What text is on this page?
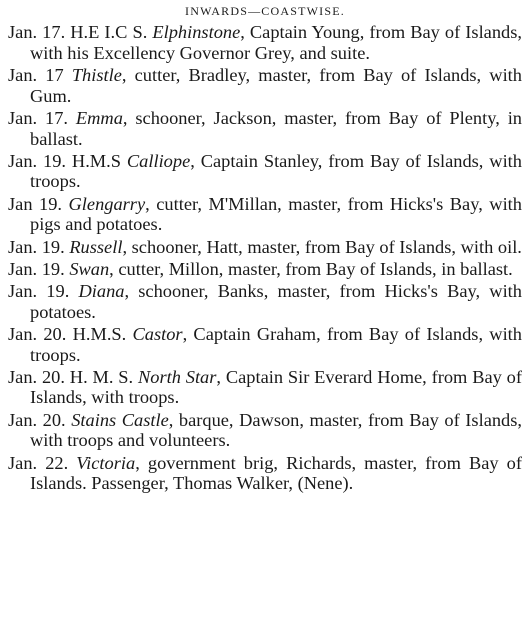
INWARDS—COASTWISE.
Jan. 17. H.E I.C S. Elphinstone, Captain Young, from Bay of Islands, with his Excellency Governor Grey, and suite.
Jan. 17 Thistle, cutter, Bradley, master, from Bay of Islands, with Gum.
Jan. 17. Emma, schooner, Jackson, master, from Bay of Plenty, in ballast.
Jan. 19. H.M.S Calliope, Captain Stanley, from Bay of Islands, with troops.
Jan 19. Glengarry, cutter, M'Millan, master, from Hicks's Bay, with pigs and potatoes.
Jan. 19. Russell, schooner, Hatt, master, from Bay of Islands, with oil.
Jan. 19. Swan, cutter, Millon, master, from Bay of Islands, in ballast.
Jan. 19. Diana, schooner, Banks, master, from Hicks's Bay, with potatoes.
Jan. 20. H.M.S. Castor, Captain Graham, from Bay of Islands, with troops.
Jan. 20. H. M. S. North Star, Captain Sir Everard Home, from Bay of Islands, with troops.
Jan. 20. Stains Castle, barque, Dawson, master, from Bay of Islands, with troops and volunteers.
Jan. 22. Victoria, government brig, Richards, master, from Bay of Islands. Passenger, Thomas Walker, (Nene).
